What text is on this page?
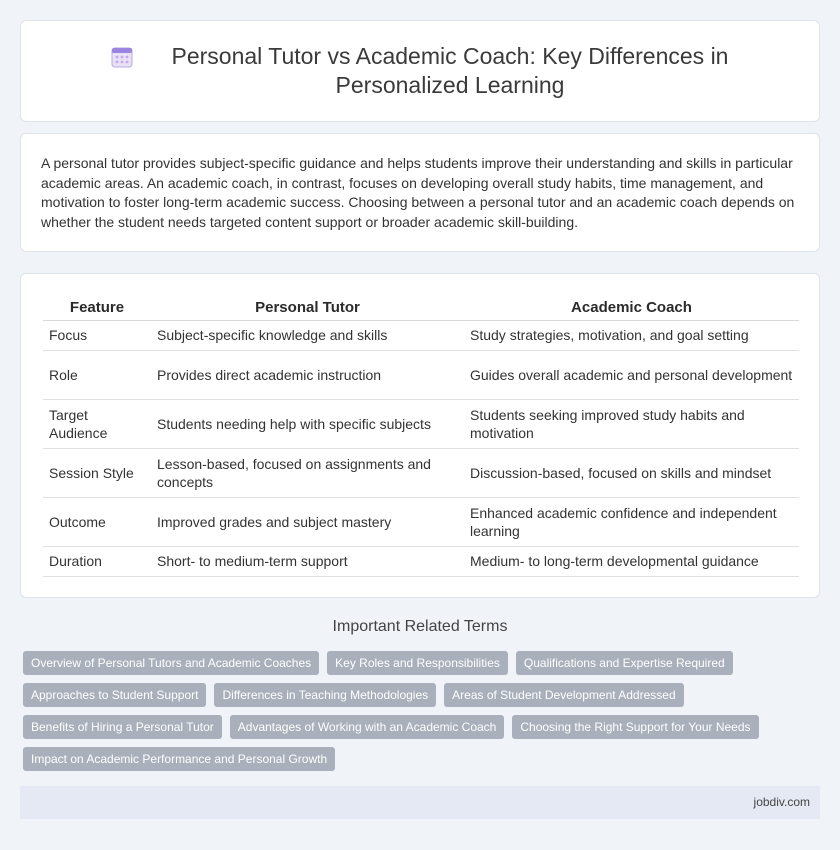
Personal Tutor vs Academic Coach: Key Differences in Personalized Learning

A personal tutor provides subject-specific guidance and helps students improve their understanding and skills in particular academic areas. An academic coach, in contrast, focuses on developing overall study habits, time management, and motivation to foster long-term academic success. Choosing between a personal tutor and an academic coach depends on whether the student needs targeted content support or broader academic skill-building.

Feature	Personal Tutor	Academic Coach
Focus	Subject-specific knowledge and skills	Study strategies, motivation, and goal setting
Role	Provides direct academic instruction	Guides overall academic and personal development
Target Audience	Students needing help with specific subjects	Students seeking improved study habits and motivation
Session Style	Lesson-based, focused on assignments and concepts	Discussion-based, focused on skills and mindset
Outcome	Improved grades and subject mastery	Enhanced academic confidence and independent learning
Duration	Short- to medium-term support	Medium- to long-term developmental guidance
Important Related Terms
Overview of Personal Tutors and Academic Coaches	Key Roles and Responsibilities	Qualifications and Expertise Required
Approaches to Student Support	Differences in Teaching Methodologies	Areas of Student Development Addressed
Benefits of Hiring a Personal Tutor	Advantages of Working with an Academic Coach	Choosing the Right Support for Your Needs
Impact on Academic Performance and Personal Growth
jobdiv.com
